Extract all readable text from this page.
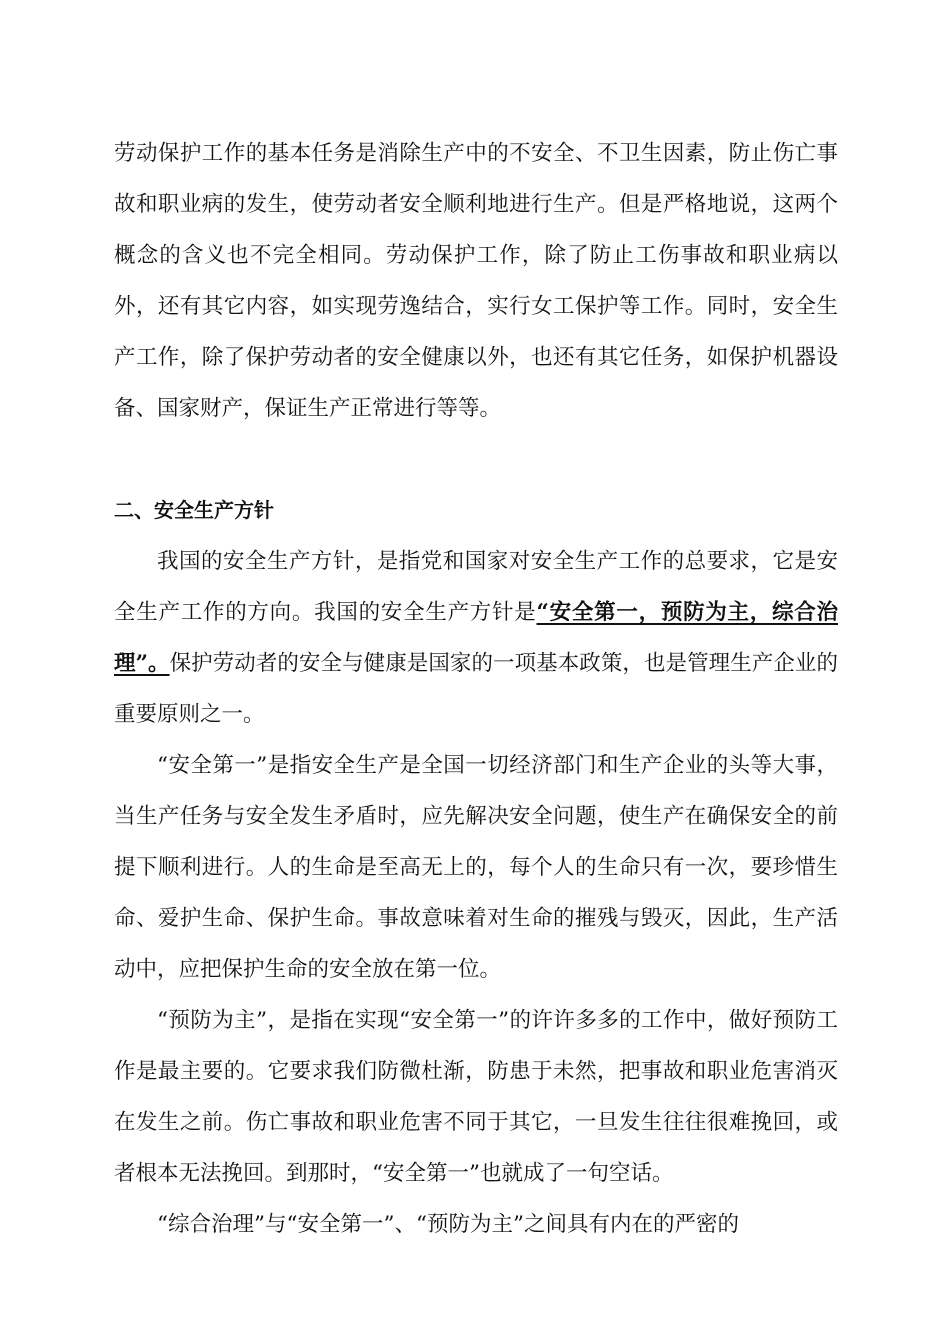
劳动保护工作的基本任务是消除生产中的不安全、不卫生因素，防止伤亡事故和职业病的发生，使劳动者安全顺利地进行生产。但是严格地说，这两个概念的含义也不完全相同。劳动保护工作，除了防止工伤事故和职业病以外，还有其它内容，如实现劳逸结合，实行女工保护等工作。同时，安全生产工作，除了保护劳动者的安全健康以外，也还有其它任务，如保护机器设备、国家财产，保证生产正常进行等等。

二、安全生产方针

我国的安全生产方针，是指党和国家对安全生产工作的总要求，它是安全生产工作的方向。我国的安全生产方针是“安全第一，预防为主，综合治理”。保护劳动者的安全与健康是国家的一项基本政策，也是管理生产企业的重要原则之一。

“安全第一”是指安全生产是全国一切经济部门和生产企业的头等大事，当生产任务与安全发生矛盾时，应先解决安全问题，使生产在确保安全的前提下顺利进行。人的生命是至高无上的，每个人的生命只有一次，要珍惜生命、爱护生命、保护生命。事故意味着对生命的摧残与毁灭，因此，生产活动中，应把保护生命的安全放在第一位。

“预防为主”，是指在实现“安全第一”的许许多多的工作中，做好预防工作是最主要的。它要求我们防微杜渐，防患于未然，把事故和职业危害消灭在发生之前。伤亡事故和职业危害不同于其它，一旦发生往往很难挽回，或者根本无法挽回。到那时，“安全第一”也就成了一句空话。

“综合治理”与“安全第一”、“预防为主”之间具有内在的严密的
